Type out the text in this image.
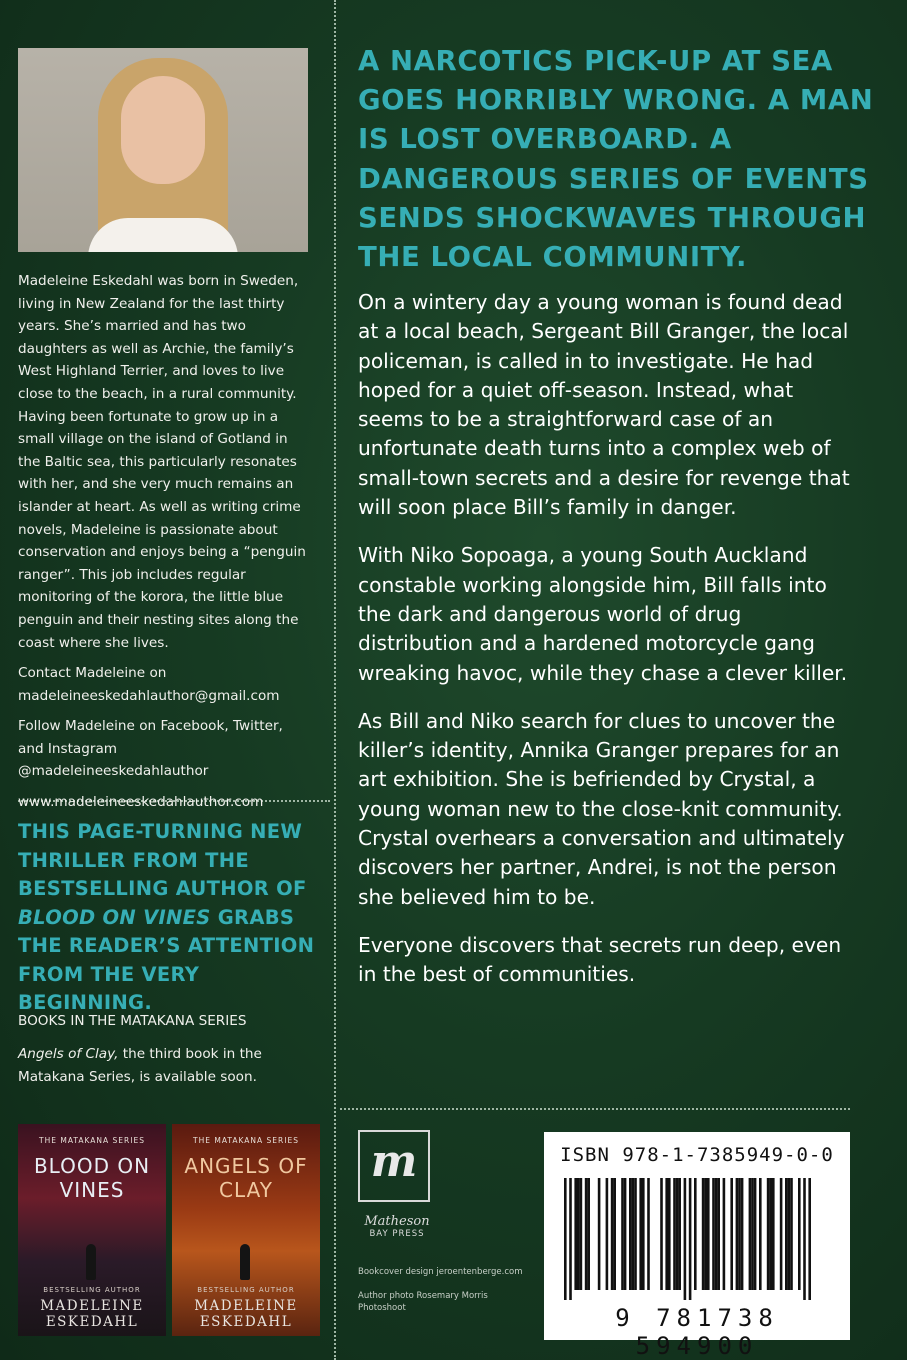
Madeleine Eskedahl was born in Sweden, living in New Zealand for the last thirty years. She’s married and has two daughters as well as Archie, the family’s West Highland Terrier, and loves to live close to the beach, in a rural community. Having been fortunate to grow up in a small village on the island of Gotland in the Baltic sea, this particularly resonates with her, and she very much remains an islander at heart. As well as writing crime novels, Madeleine is passionate about conservation and enjoys being a “penguin ranger”. This job includes regular monitoring of the korora, the little blue penguin and their nesting sites along the coast where she lives.

Contact Madeleine on madeleineeskedahlauthor@gmail.com

Follow Madeleine on Facebook, Twitter, and Instagram @madeleineeskedahlauthor

www.madeleineeskedahlauthor.com

THIS PAGE-TURNING NEW THRILLER FROM THE BESTSELLING AUTHOR OF BLOOD ON VINES GRABS THE READER’S ATTENTION FROM THE VERY BEGINNING.
BOOKS IN THE MATAKANA SERIES
Angels of Clay, the third book in the Matakana Series, is available soon.
THE MATAKANA SERIES
BLOOD ON VINES
BESTSELLING AUTHOR
MADELEINE ESKEDAHL
THE MATAKANA SERIES
ANGELS OF CLAY
BESTSELLING AUTHOR
MADELEINE ESKEDAHL
A NARCOTICS PICK-UP AT SEA GOES HORRIBLY WRONG. A MAN IS LOST OVERBOARD. A DANGEROUS SERIES OF EVENTS SENDS SHOCKWAVES THROUGH THE LOCAL COMMUNITY.

On a wintery day a young woman is found dead at a local beach, Sergeant Bill Granger, the local policeman, is called in to investigate. He had hoped for a quiet off-season. Instead, what seems to be a straightforward case of an unfortunate death turns into a complex web of small-town secrets and a desire for revenge that will soon place Bill’s family in danger.

With Niko Sopoaga, a young South Auckland constable working alongside him, Bill falls into the dark and dangerous world of drug distribution and a hardened motorcycle gang wreaking havoc, while they chase a clever killer.

As Bill and Niko search for clues to uncover the killer’s identity, Annika Granger prepares for an art exhibition. She is befriended by Crystal, a young woman new to the close-knit community. Crystal overhears a conversation and ultimately discovers her partner, Andrei, is not the person she believed him to be.

Everyone discovers that secrets run deep, even in the best of communities.

m
Matheson
BAY PRESS
Bookcover design jeroentenberge.com
Author photo Rosemary Morris Photoshoot
ISBN 978-1-7385949-0-0
9 781738 594900
